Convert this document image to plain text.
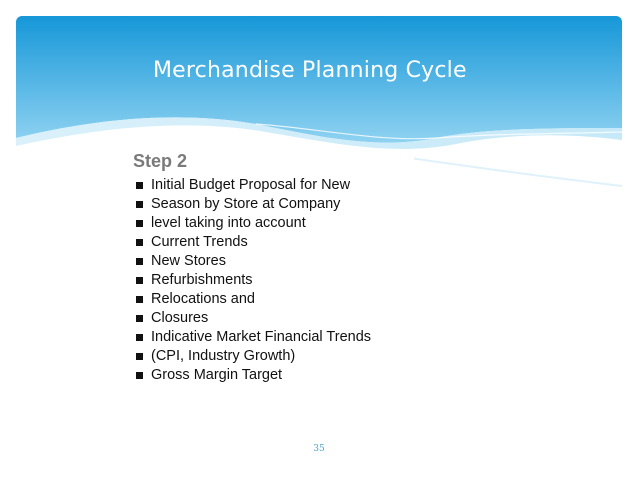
Merchandise Planning Cycle
Step 2
Initial Budget Proposal for New
Season by Store at Company
level taking into account
Current Trends
New Stores
Refurbishments
Relocations and
Closures
Indicative Market Financial Trends
(CPI, Industry Growth)
Gross Margin Target
35
